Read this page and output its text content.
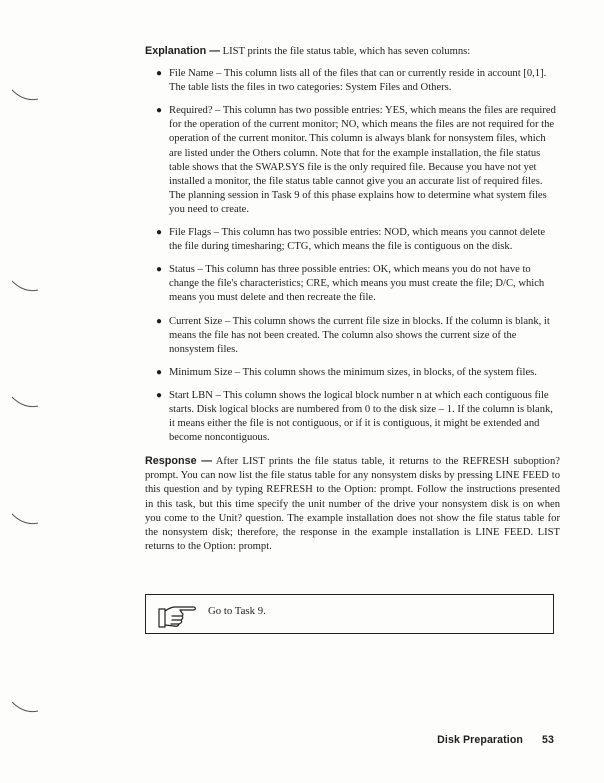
Explanation — LIST prints the file status table, which has seven columns:

● File Name – This column lists all of the files that can or currently reside in account [0,1]. The table lists the files in two categories: System Files and Others.
● Required? – This column has two possible entries: YES, which means the files are required for the operation of the current monitor; NO, which means the files are not required for the operation of the current monitor. This column is always blank for nonsystem files, which are listed under the Others column. Note that for the example installation, the file status table shows that the SWAP.SYS file is the only required file. Because you have not yet installed a monitor, the file status table cannot give you an accurate list of required files. The planning session in Task 9 of this phase explains how to determine what system files you need to create.
● File Flags – This column has two possible entries: NOD, which means you cannot delete the file during timesharing; CTG, which means the file is contiguous on the disk.
● Status – This column has three possible entries: OK, which means you do not have to change the file's characteristics; CRE, which means you must create the file; D/C, which means you must delete and then recreate the file.
● Current Size – This column shows the current file size in blocks. If the column is blank, it means the file has not been created. The column also shows the current size of the nonsystem files.
● Minimum Size – This column shows the minimum sizes, in blocks, of the system files.
● Start LBN – This column shows the logical block number n at which each contiguous file starts. Disk logical blocks are numbered from 0 to the disk size – 1. If the column is blank, it means either the file is not contiguous, or if it is contiguous, it might be extended and become noncontiguous.

Response — After LIST prints the file status table, it returns to the REFRESH suboption? prompt. You can now list the file status table for any nonsystem disks by pressing LINE FEED to this question and by typing REFRESH to the Option: prompt. Follow the instructions presented in this task, but this time specify the unit number of the drive your nonsystem disk is on when you come to the Unit? question. The example installation does not show the file status table for the nonsystem disk; therefore, the response in the example installation is LINE FEED. LIST returns to the Option: prompt.

Go to Task 9.
Disk Preparation 53
